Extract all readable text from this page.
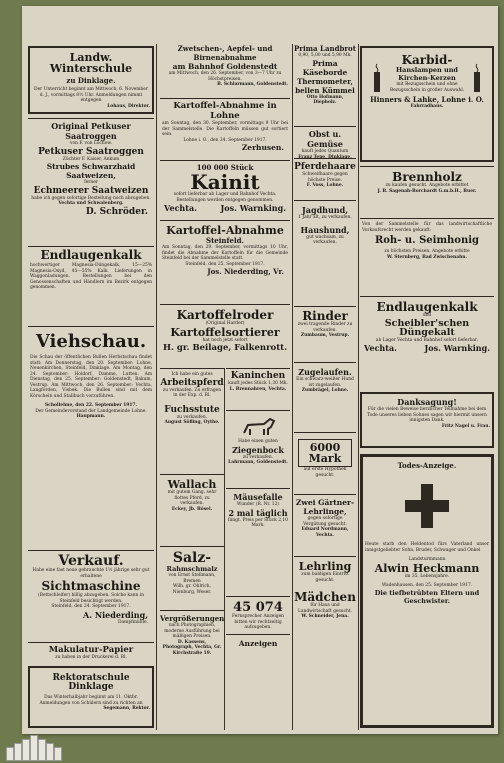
Landw. Winterschule
zu Dinklage.
Der Unterricht beginnt am Mittwoch, 6. November d. J., vormittags 8½ Uhr. Anmeldungen nimmt entgegen
Lohaus, Direktor.
Original Petkuser Saatroggen
von F. von Lochow.
Petkuser Saatroggen
Züchter F. Kaiser, Ankum
Strubes Schwarzhaid Saatweizen,
ferner
Echmeerer Saatweizen
habe ich gegen sofortige Bestellung noch abzugeben.
Vechta und Schwalenberg.
D. Schröder.
Endlaugenkalk
hochwertiger Magnesia-Düngekalk, 15—25% Magnesia-Oxyd, 45—55% Kalk. Lieferungen in Waggonladungen. Bestellungen bei den Genossenschaften und Händlern im Bezirk entgegen genommen.
Viehschau.
Die Schau der öffentlichen Bullen Herbstschau findet statt: Am Donnerstag, den 20. September: Lohne, Neuenkirchen, Steinfeld, Dinklage. Am Montag, den 24. September: Holdorf, Damme, Lutten. Am Dienstag, den 25. September: Goldenstedt, Bakum, Vestrup. Am Mittwoch, den 26. September: Vechta, Langförden, Visbek. Die Bullen sind mit dem Körschein und Stallbuch vorzuführen.
Schollehne, den 22. September 1917.
Der Gemeindevorstand der Landgemeinde Lohne.
Haupmann.
Verkauf.
Habe eine fast neue gebrauchte 1½ jährige sehr gut erhaltene
Sichtmaschine
(Bettschleifer) billig abzugeben. Solche kann in Steinfeld besichtigt werden.
Steinfeld, den 24. September 1917.
A. Niederding,
Dampfmühle.
Makulatur-Papier
zu haben in der Druckerei d. Bl.
Rektoratschule Dinklage
Das Winterhalbjahr beginnt am 11. Oktbr. Anmeldungen von Schülern sind zu richten an
Segemann, Rektor.
Zwetschen-, Aepfel- und Birnenabnahme
am Bahnhof Goldenstedt
am Mittwoch, den 26. September, von 3—7 Uhr zu Höchstpreisen.
B. Schlarmann, Goldenstedt.
Kartoffel-Abnahme in Lohne
am Sonntag, den 30. September, vormittags 9 Uhr bei der Sammelstelle. Die Kartoffeln müssen gut sortiert sein.
Lohne i. O., den 24. September 1917.
Zerhusen.
100 000 Stück
Kainit
sofort lieferbar ab Lager und Bahnhof Vechta. Bestellungen werden entgegen genommen.
Vechta.	Jos. Warnking.
Kartoffel-Abnahme
Steinfeld.
Am Sonntag, den 29. September, vormittags 10 Uhr, findet die Abnahme der Kartoffeln für die Gemeinde Steinfeld bei der Sammelstelle statt.
Steinfeld, den 25. September 1917.
Jos. Niederding, Vr.
Kartoffelroder
(Original Harder)
Kartoffelsortierer
hat noch jetzt sofort
H. gr. Beilage, Falkenrott.
Ich habe ein gutes
Arbeitspferd
zu verkaufen. Zu erfragen in der Exp. d. Bl.
Fuchsstute
zu verkaufen.
August Söfling, Oythe.
Wallach
mit gutem Gang, sehr flottes Pferd, zu verkaufen.
Eckey, Jb. Bösel.
Salz-
Rahmschmalz
von Ernst Stellmann, Bremen
Wilh. gr. Ohlrich, Nienburg, Weser.
Vergrößerungen
nach Photographien, moderne Ausführung bei mäßigen Preisen.
D. Kassens, Photograph, Vechta, Gr. Kirchstraße 19.
Kaninchen
kauft jedes Stück 1,30 Mk.
L. Brennahren, Vechta.
Habe einen guten
Ziegenbock
zu verkaufen.
Lahrmann, Goldenstedt.
Mäusefalle
Wunder (R. Nr. 12)
2 mal täglich
fängt. Preis per Stück 2,10 Mark.
45 074
Fernsprecher Anzeigen bitten wir rechtzeitig aufzugeben.
Anzeigen
Prima Landbrot
0,90, 5,00 und 5,90 Mk.
Prima Käseborde
Thermometer, bellen Kümmel
Otto Hofmann, Diepholz.
Obst u. Gemüse
kauft jedes Quantum
Franz Tepe, Dinklage.
Pferdehaare
Schweifhaare gegen höchste Preise.
F. Voss, Lohne.
Jagdhund,
1 Jahr alt, zu verkaufen.
Haushund,
gut wachsam, zu verkaufen.
Rinder
zwei tragende Rinder zu verkaufen.
Zumbaum, Vestrup.
Zugelaufen.
Ein schwarz-weißer Hund ist zugelaufen.
Zumbrägel, Lohne.
6000 Mark
auf erste Hypothek gesucht.
Zwei Gärtner-Lehrlinge,
gegen sofortige Vergütung gesucht.
Eduard Nordmann, Vechta.
Lehrling
zum baldigen Eintritt gesucht.
Mädchen
für Haus und Landwirtschaft gesucht.
W. Schneider, Jena.
Karbid-
Hanslampen und Kirchen-Kerzen
mit Bezugsschein und ohne Bezugsschein in großer Auswahl.
Hinners & Lahke, Lohne i. O.
Fahrradhaus.
Brennholz
zu kaufen gesucht. Angebote erbittet
J. B. Sagenah-Borchardt G.m.b.H., Buer.
Von der Sammelstelle für das landwirtschaftliche Vorkaufsrecht werden gekauft:
Roh- u. Seimhonig
zu höchsten Preisen. Angebote erbitte
W. Sternberg, Bad Zwischenahn.
Endlaugenkalk
und
Scheibler'schen Düngekalt
ab Lager Vechta und Bahnhof sofort lieferbar.
Vechta.	Jos. Warnking.
Danksagung!
Für die vielen Beweise herzlicher Teilnahme bei dem Tode unseres lieben Sohnes sagen wir hiermit unsern innigsten Dank.
Fritz Nagel u. Frau.
Todes-Anzeige.
Heute starb den Heldentod fürs Vaterland unser innigstgeliebter Sohn, Bruder, Schwager und Onkel
Landsturmmann
Alwin Heckmann
im 35. Lebensjahre.
Wadenhausen, den 25. September 1917.
Die tiefbetrübten Eltern und Geschwister.
